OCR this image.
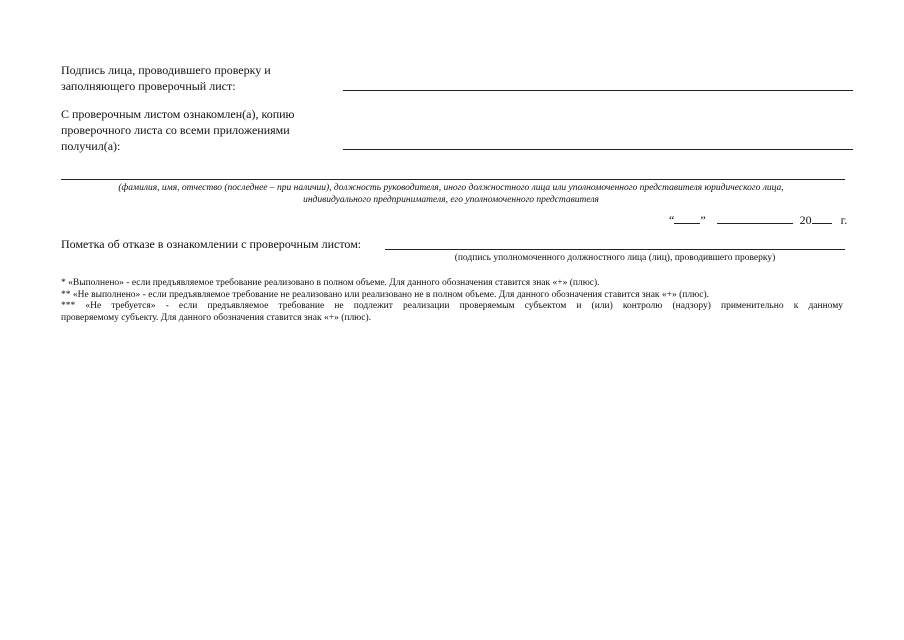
Подпись лица, проводившего проверку и
заполняющего проверочный лист:
С проверочным листом ознакомлен(а), копию
проверочного листа со всеми приложениями
получил(а):
(фамилия, имя, отчество (последнее – при наличии), должность руководителя, иного должностного лица или уполномоченного представителя юридического лица,
индивидуального предпринимателя, его уполномоченного представителя
“ ”	20 г.
Пометка об отказе в ознакомлении с проверочным листом:
(подпись уполномоченного должностного лица (лиц), проводившего проверку)
* «Выполнено» - если предъявляемое требование реализовано в полном объеме. Для данного обозначения ставится знак «+» (плюс).
** «Не выполнено» - если предъявляемое требование не реализовано или реализовано не в полном объеме. Для данного обозначения ставится знак «+» (плюс).
*** «Не требуется» - если предъявляемое требование не подлежит реализации проверяемым субъектом и (или) контролю (надзору) применительно к данному
проверяемому субъекту. Для данного обозначения ставится знак «+» (плюс).
